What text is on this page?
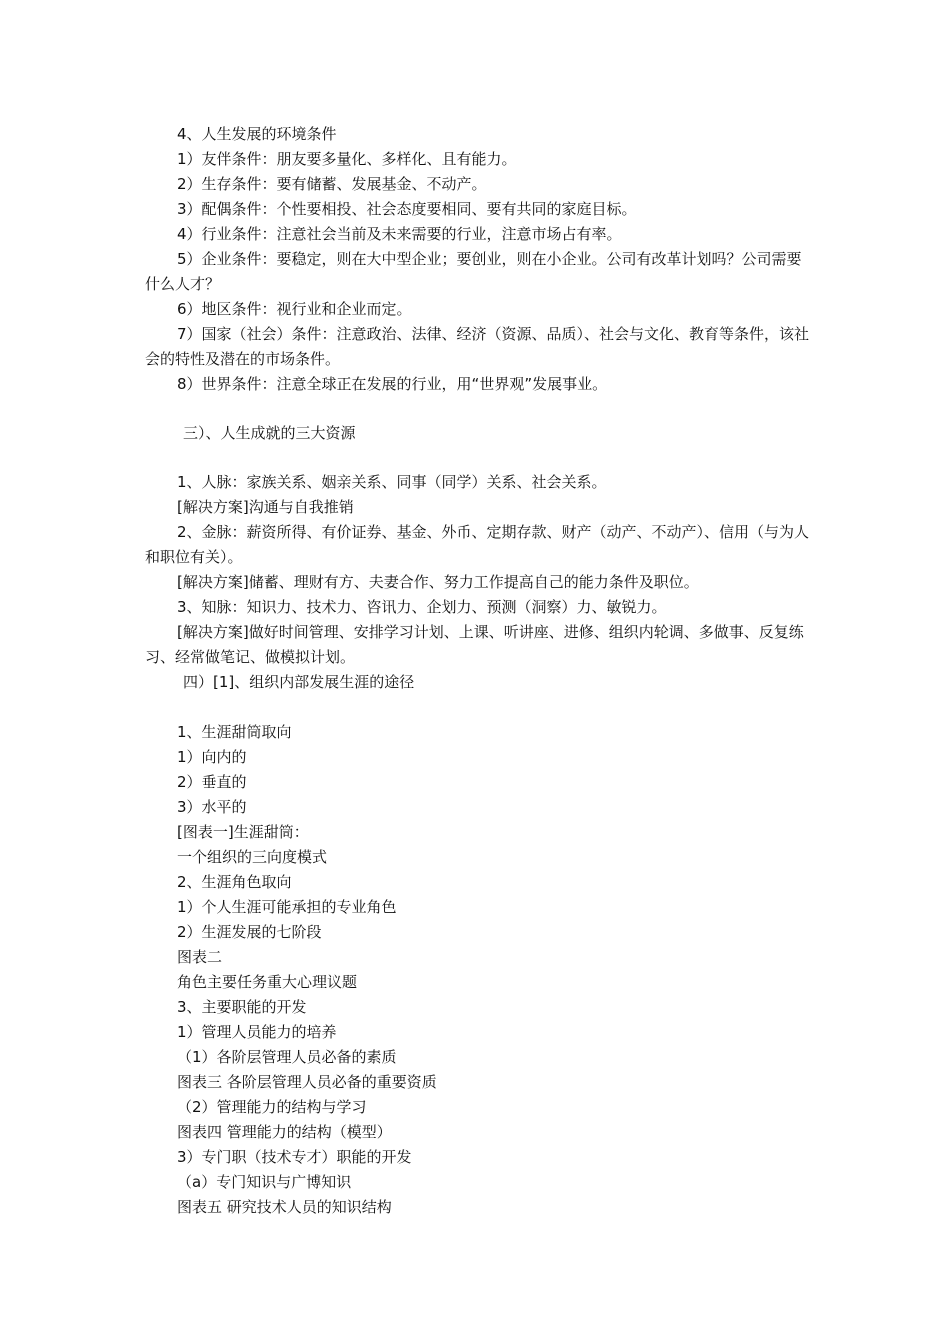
4、人生发展的环境条件

1）友伴条件：朋友要多量化、多样化、且有能力。

2）生存条件：要有储蓄、发展基金、不动产。

3）配偶条件：个性要相投、社会态度要相同、要有共同的家庭目标。

4）行业条件：注意社会当前及未来需要的行业，注意市场占有率。

5）企业条件：要稳定，则在大中型企业；要创业，则在小企业。公司有改革计划吗？公司需要什么人才？

6）地区条件：视行业和企业而定。

7）国家（社会）条件：注意政治、法律、经济（资源、品质）、社会与文化、教育等条件，该社会的特性及潜在的市场条件。

8）世界条件：注意全球正在发展的行业，用“世界观”发展事业。

三）、人生成就的三大资源

1、人脉：家族关系、姻亲关系、同事（同学）关系、社会关系。

[解决方案]沟通与自我推销

2、金脉：薪资所得、有价证券、基金、外币、定期存款、财产（动产、不动产）、信用（与为人和职位有关）。

[解决方案]储蓄、理财有方、夫妻合作、努力工作提高自己的能力条件及职位。

3、知脉：知识力、技术力、咨讯力、企划力、预测（洞察）力、敏锐力。

[解决方案]做好时间管理、安排学习计划、上课、听讲座、进修、组织内轮调、多做事、反复练习、经常做笔记、做模拟计划。

四）[1]、组织内部发展生涯的途径

1、生涯甜筒取向

1）向内的

2）垂直的

3）水平的

[图表一]生涯甜筒：

一个组织的三向度模式

2、生涯角色取向

1）个人生涯可能承担的专业角色

2）生涯发展的七阶段

图表二

角色主要任务重大心理议题

3、主要职能的开发

1）管理人员能力的培养

（1）各阶层管理人员必备的素质

图表三 各阶层管理人员必备的重要资质

（2）管理能力的结构与学习

图表四 管理能力的结构（模型）

3）专门职（技术专才）职能的开发

（a）专门知识与广博知识

图表五 研究技术人员的知识结构
